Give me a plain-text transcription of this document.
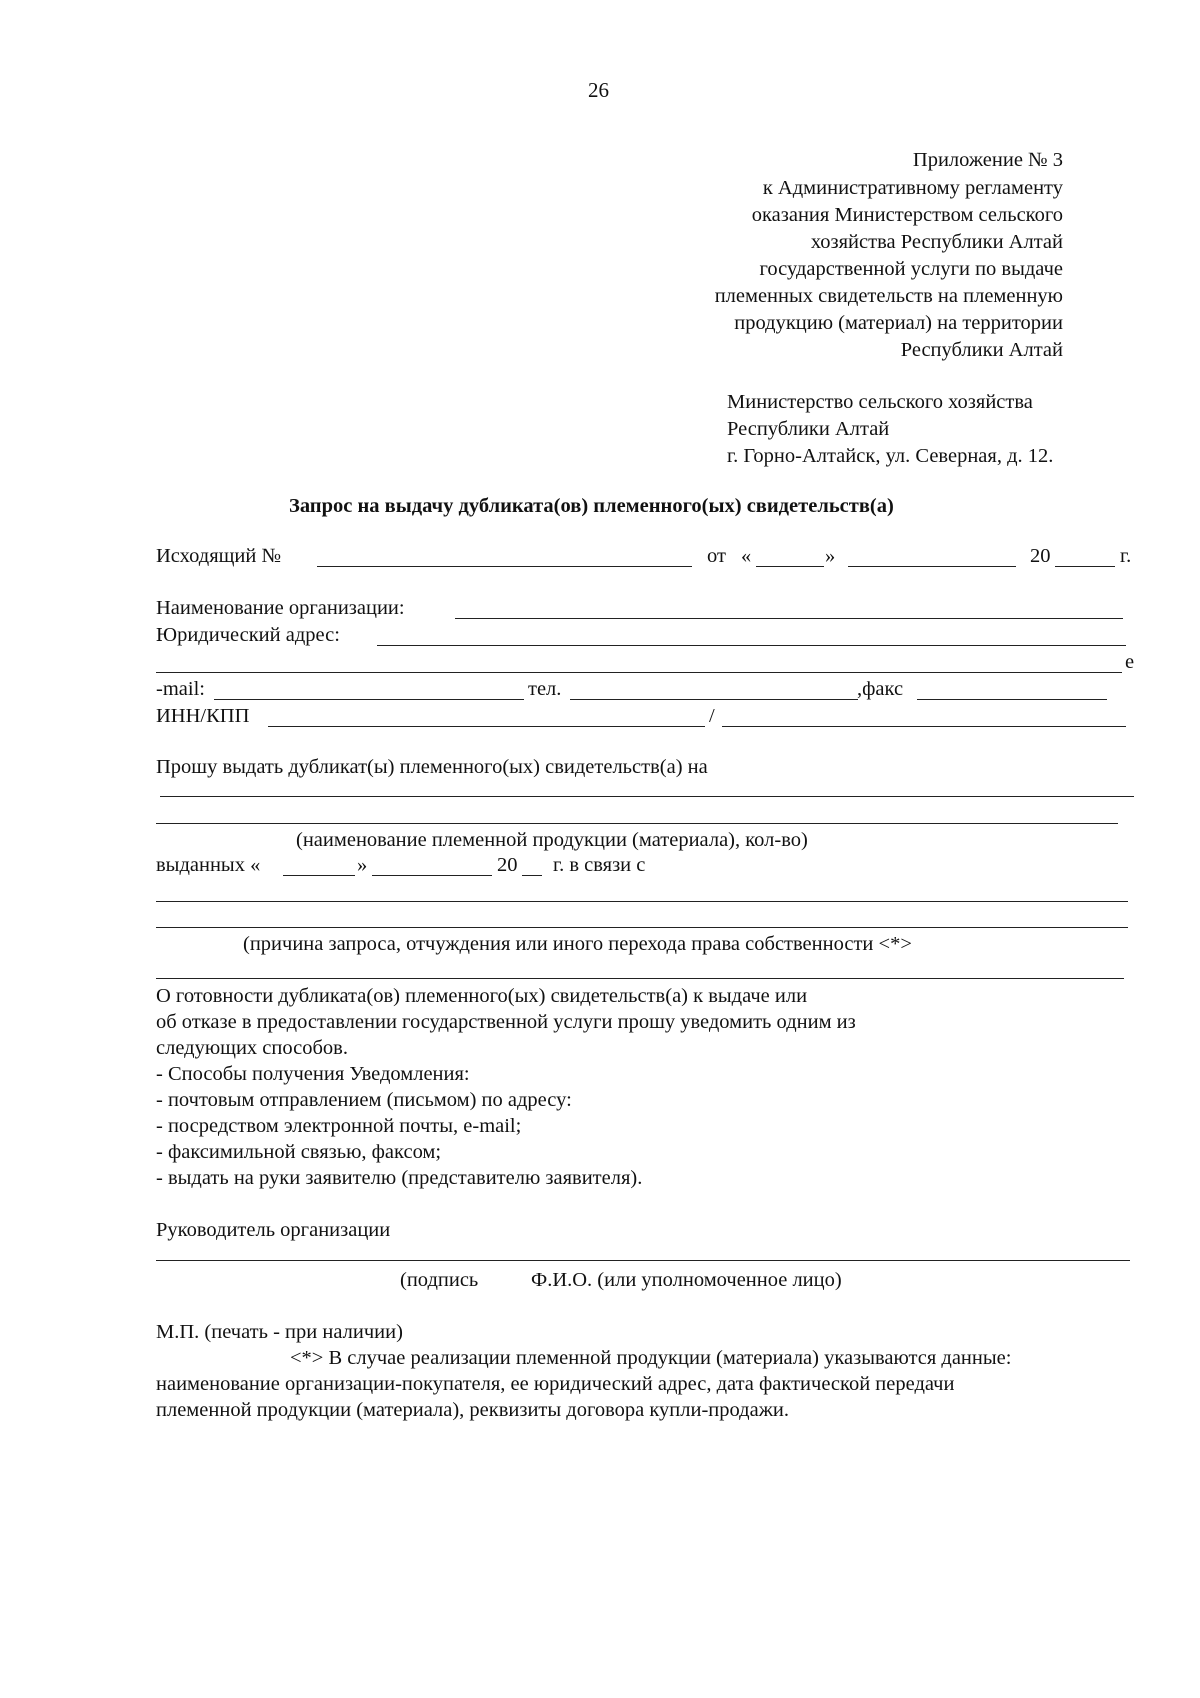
26
Приложение № 3
к Административному регламенту
оказания Министерством сельского
хозяйства Республики Алтай
государственной услуги по выдаче
племенных свидетельств на племенную
продукцию (материал) на территории
Республики Алтай
Министерство сельского хозяйства
Республики Алтай
г. Горно-Алтайск, ул. Северная, д. 12.
Запрос на выдачу дубликата(ов) племенного(ых) свидетельств(а)
Исходящий №	от «	»	20	г.
Наименование организации:
Юридический адрес:
е
-mail:	тел.	,факс
ИНН/КПП	/
Прошу выдать дубликат(ы) племенного(ых) свидетельств(а) на
(наименование племенной продукции (материала), кол-во)
выданных «	»	20 г. в связи с
(причина запроса, отчуждения или иного перехода права собственности <*>
О готовности дубликата(ов) племенного(ых) свидетельств(а) к выдаче или
об отказе в предоставлении государственной услуги прошу уведомить одним из
следующих способов.
- Способы получения Уведомления:
- почтовым отправлением (письмом) по адресу:
- посредством электронной почты, e-mail;
- факсимильной связью, факсом;
- выдать на руки заявителю (представителю заявителя).
Руководитель организации
(подпись	Ф.И.О. (или уполномоченное лицо)
М.П. (печать - при наличии)
<*> В случае реализации племенной продукции (материала) указываются данные:
наименование организации-покупателя, ее юридический адрес, дата фактической передачи
племенной продукции (материала), реквизиты договора купли-продажи.
